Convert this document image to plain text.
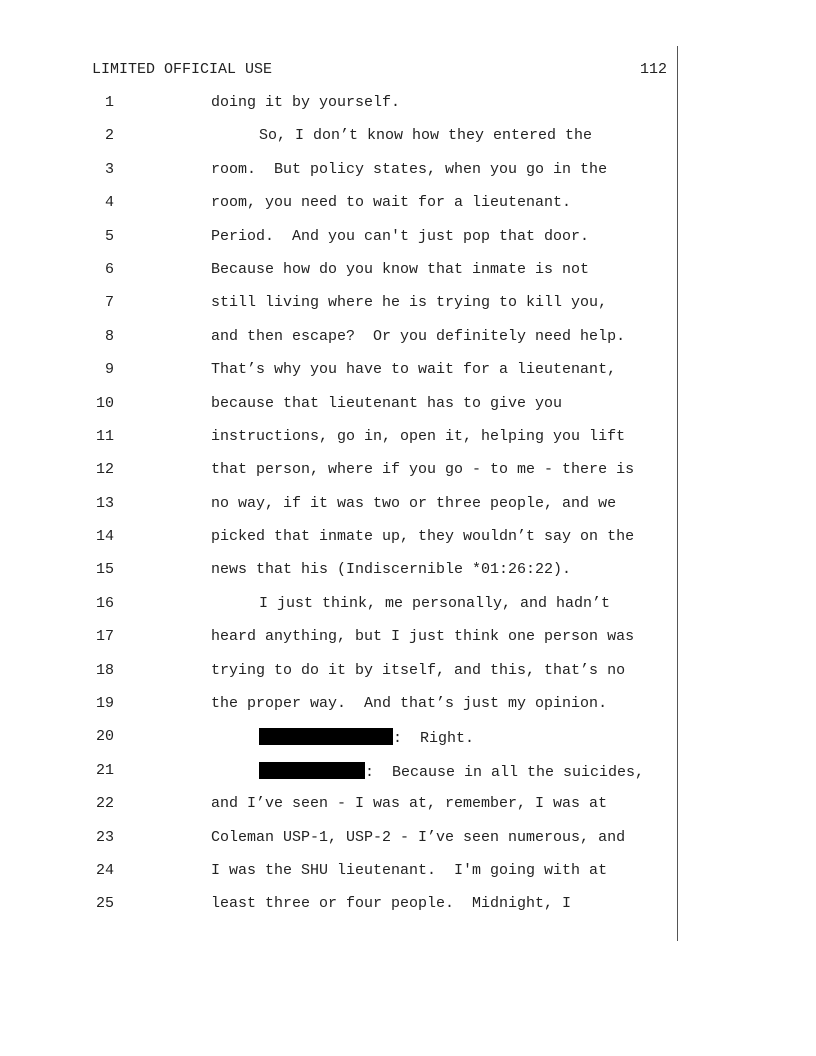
LIMITED OFFICIAL USE	112
1	doing it by yourself.
2	So, I don’t know how they entered the
3	room.  But policy states, when you go in the
4	room, you need to wait for a lieutenant.
5	Period.  And you can't just pop that door.
6	Because how do you know that inmate is not
7	still living where he is trying to kill you,
8	and then escape?  Or you definitely need help.
9	That’s why you have to wait for a lieutenant,
10	because that lieutenant has to give you
11	instructions, go in, open it, helping you lift
12	that person, where if you go - to me - there is
13	no way, if it was two or three people, and we
14	picked that inmate up, they wouldn’t say on the
15	news that his (Indiscernible *01:26:22).
16	I just think, me personally, and hadn’t
17	heard anything, but I just think one person was
18	trying to do it by itself, and this, that’s no
19	the proper way.  And that’s just my opinion.
20	:  Right.
21	:  Because in all the suicides,
22	and I’ve seen - I was at, remember, I was at
23	Coleman USP-1, USP-2 - I’ve seen numerous, and
24	I was the SHU lieutenant.  I'm going with at
25	least three or four people.  Midnight, I
